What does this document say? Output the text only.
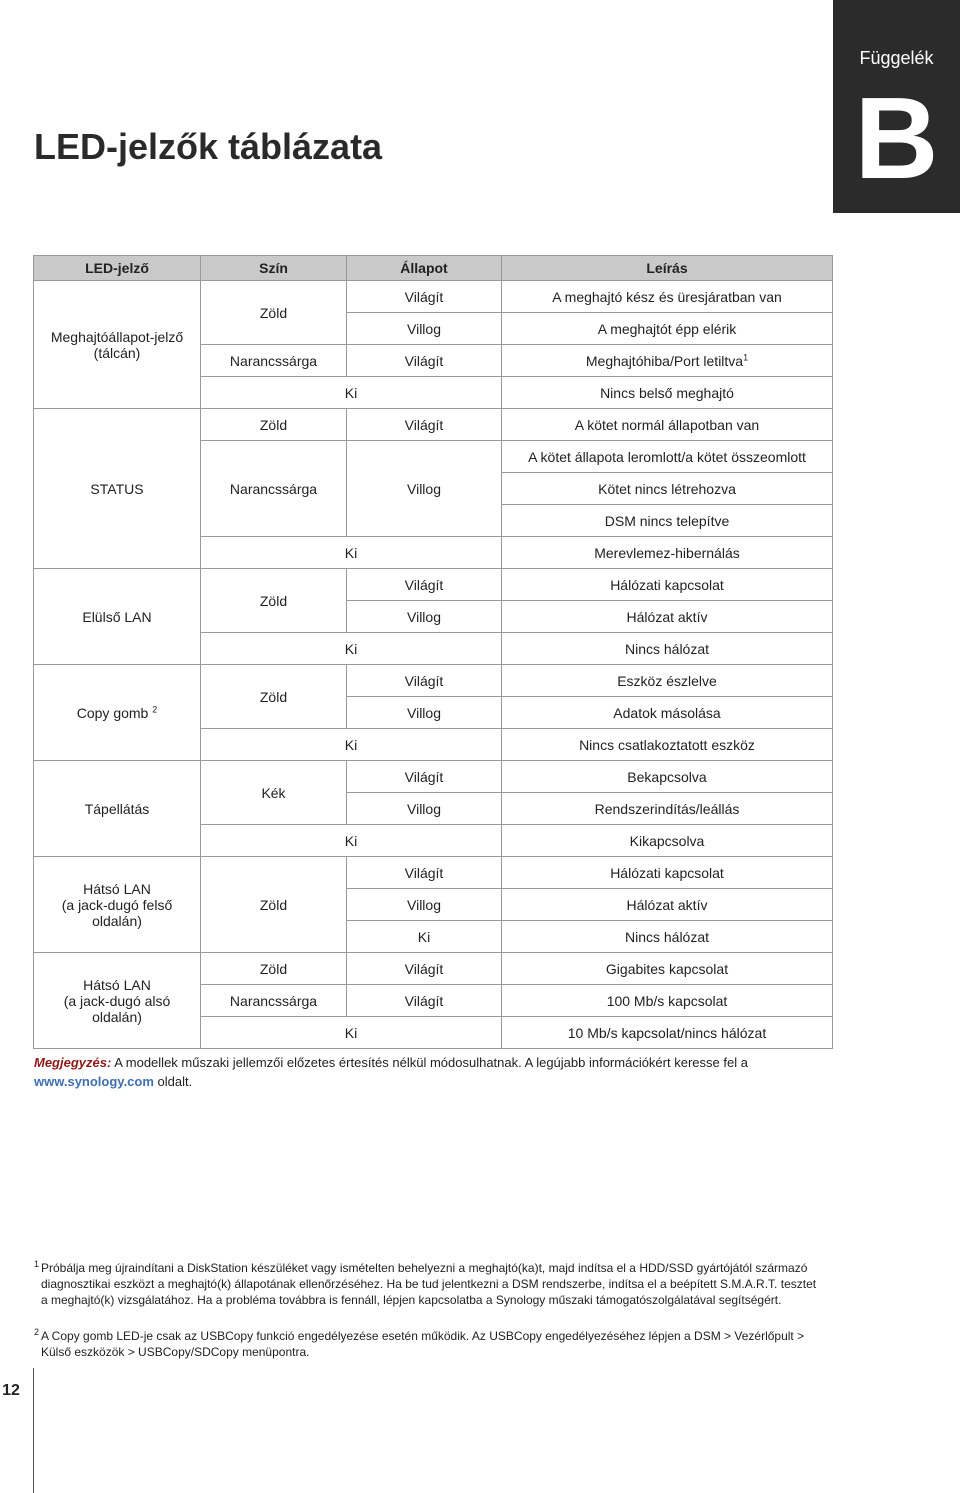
Függelék
B
LED-jelzők táblázata
LED-jelző	Szín	Állapot	Leírás
Meghajtóállapot-jelző
(tálcán)	Zöld	Világít	A meghajtó kész és üresjáratban van
		Villog	A meghajtót épp elérik
	Narancssárga	Világít	Meghajtóhiba/Port letiltva$^1$
	Ki		Nincs belső meghajtó
STATUS	Zöld	Világít	A kötet normál állapotban van
	Narancssárga	Villog	A kötet állapota leromlott/a kötet összeomlott
			Kötet nincs létrehozva
			DSM nincs telepítve
	Ki		Merevlemez-hibernálás
Elülső LAN	Zöld	Világít	Hálózati kapcsolat
		Villog	Hálózat aktív
	Ki		Nincs hálózat
Copy gomb $^2$	Zöld	Világít	Eszköz észlelve
		Villog	Adatok másolása
	Ki		Nincs csatlakoztatott eszköz
Tápellátás	Kék	Világít	Bekapcsolva
		Villog	Rendszerindítás/leállás
	Ki		Kikapcsolva
Hátsó LAN
(a jack-dugó felső
oldalán)	Zöld	Világít	Hálózati kapcsolat
		Villog	Hálózat aktív
		Ki	Nincs hálózat
Hátsó LAN
(a jack-dugó alsó oldalán)	Zöld	Világít	Gigabites kapcsolat
	Narancssárga	Világít	100 Mb/s kapcsolat
	Ki		10 Mb/s kapcsolat/nincs hálózat

Megjegyzés: A modellek műszaki jellemzői előzetes értesítés nélkül módosulhatnak. A legújabb információkért keresse fel a www.synology.com oldalt.

1 Próbálja meg újraindítani a DiskStation készüléket vagy ismételten behelyezni a meghajtó(ka)t, majd indítsa el a HDD/SSD gyártójától származó diagnosztikai eszközt a meghajtó(k) állapotának ellenőrzéséhez. Ha be tud jelentkezni a DSM rendszerbe, indítsa el a beépített S.M.A.R.T. tesztet a meghajtó(k) vizsgálatához. Ha a probléma továbbra is fennáll, lépjen kapcsolatba a Synology műszaki támogatószolgálatával segítségért.
2 A Copy gomb LED-je csak az USBCopy funkció engedélyezése esetén működik. Az USBCopy engedélyezéséhez lépjen a DSM > Vezérlőpult > Külső eszközök > USBCopy/SDCopy menüpontra.
12
